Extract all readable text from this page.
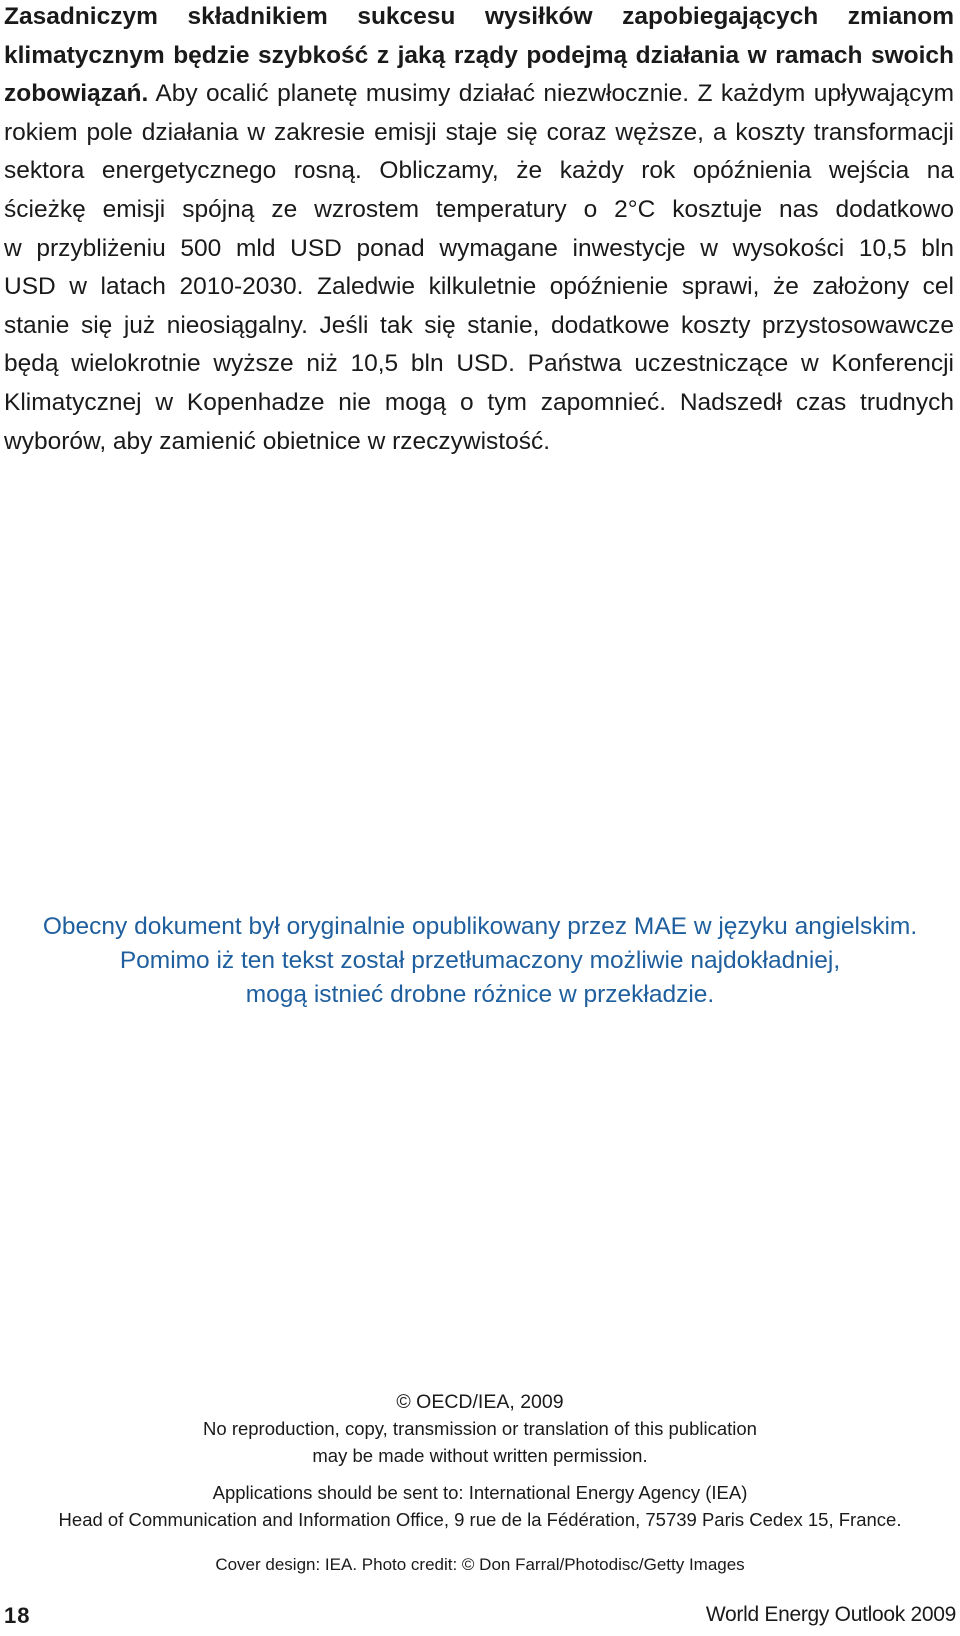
Zasadniczym składnikiem sukcesu wysiłków zapobiegających zmianom
klimatycznym będzie szybkość z jaką rządy podejmą działania w ramach swoich
zobowiązań. Aby ocalić planetę musimy działać niezwłocznie. Z każdym upływającym
rokiem pole działania w zakresie emisji staje się coraz węższe, a koszty transformacji
sektora energetycznego rosną. Obliczamy, że każdy rok opóźnienia wejścia na
ścieżkę emisji spójną ze wzrostem temperatury o 2°C kosztuje nas dodatkowo
w przybliżeniu 500 mld USD ponad wymagane inwestycje w wysokości 10,5 bln
USD w latach 2010-2030. Zaledwie kilkuletnie opóźnienie sprawi, że założony cel
stanie się już nieosiągalny. Jeśli tak się stanie, dodatkowe koszty przystosowawcze
będą wielokrotnie wyższe niż 10,5 bln USD. Państwa uczestniczące w Konferencji
Klimatycznej w Kopenhadze nie mogą o tym zapomnieć. Nadszedł czas trudnych
wyborów, aby zamienić obietnice w rzeczywistość.
Obecny dokument był oryginalnie opublikowany przez MAE w języku angielskim.
Pomimo iż ten tekst został przetłumaczony możliwie najdokładniej,
mogą istnieć drobne różnice w przekładzie.
© OECD/IEA, 2009
No reproduction, copy, transmission or translation of this publication
may be made without written permission.
Applications should be sent to: International Energy Agency (IEA)
Head of Communication and Information Office, 9 rue de la Fédération, 75739 Paris Cedex 15, France.
Cover design: IEA. Photo credit: © Don Farral/Photodisc/Getty Images
18	World Energy Outlook 2009
